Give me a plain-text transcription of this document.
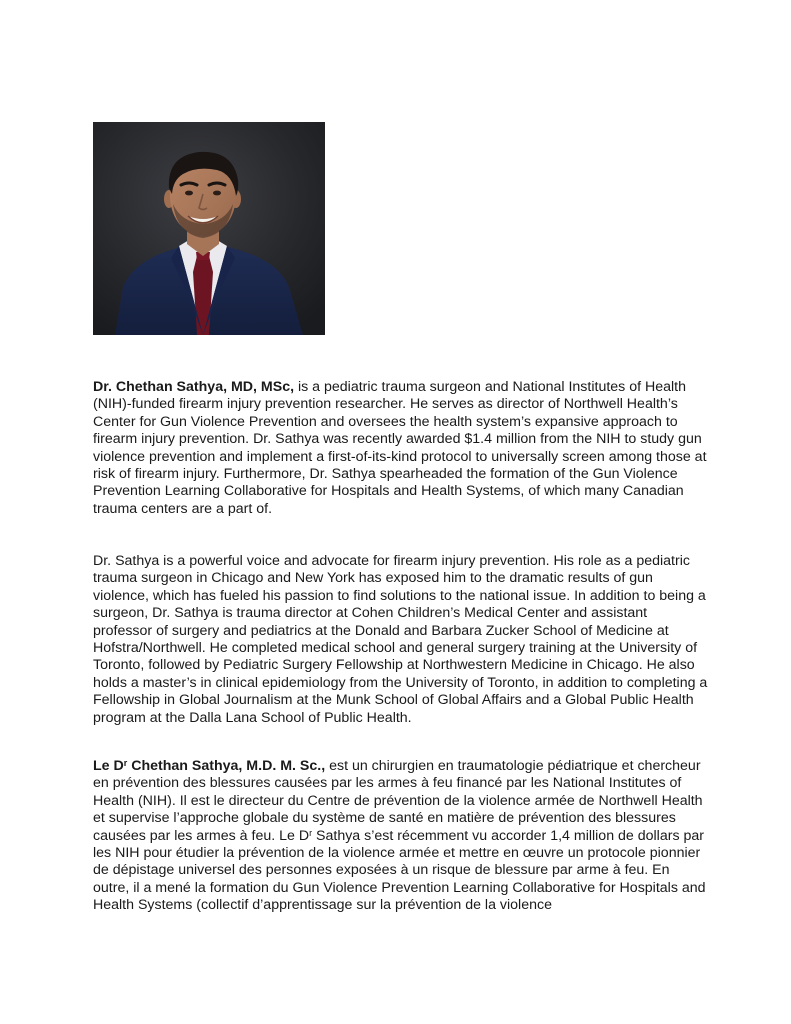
Dr. Chethan Sathya, MD, MSc, is a pediatric trauma surgeon and National Institutes of Health (NIH)-funded firearm injury prevention researcher. He serves as director of Northwell Health’s Center for Gun Violence Prevention and oversees the health system’s expansive approach to firearm injury prevention. Dr. Sathya was recently awarded $1.4 million from the NIH to study gun violence prevention and implement a first-of-its-kind protocol to universally screen among those at risk of firearm injury. Furthermore, Dr. Sathya spearheaded the formation of the Gun Violence Prevention Learning Collaborative for Hospitals and Health Systems, of which many Canadian trauma centers are a part of.

Dr. Sathya is a powerful voice and advocate for firearm injury prevention. His role as a pediatric trauma surgeon in Chicago and New York has exposed him to the dramatic results of gun violence, which has fueled his passion to find solutions to the national issue. In addition to being a surgeon, Dr. Sathya is trauma director at Cohen Children’s Medical Center and assistant professor of surgery and pediatrics at the Donald and Barbara Zucker School of Medicine at Hofstra/Northwell. He completed medical school and general surgery training at the University of Toronto, followed by Pediatric Surgery Fellowship at Northwestern Medicine in Chicago. He also holds a master’s in clinical epidemiology from the University of Toronto, in addition to completing a Fellowship in Global Journalism at the Munk School of Global Affairs and a Global Public Health program at the Dalla Lana School of Public Health.

Le $D^r$ Chethan Sathya, M.D. M. Sc., est un chirurgien en traumatologie pédiatrique et chercheur en prévention des blessures causées par les armes à feu financé par les National Institutes of Health (NIH). Il est le directeur du Centre de prévention de la violence armée de Northwell Health et supervise l’approche globale du système de santé en matière de prévention des blessures causées par les armes à feu. Le $D^r$ Sathya s’est récemment vu accorder 1,4 million de dollars par les NIH pour étudier la prévention de la violence armée et mettre en œuvre un protocole pionnier de dépistage universel des personnes exposées à un risque de blessure par arme à feu. En outre, il a mené la formation du Gun Violence Prevention Learning Collaborative for Hospitals and Health Systems (collectif d’apprentissage sur la prévention de la violence
